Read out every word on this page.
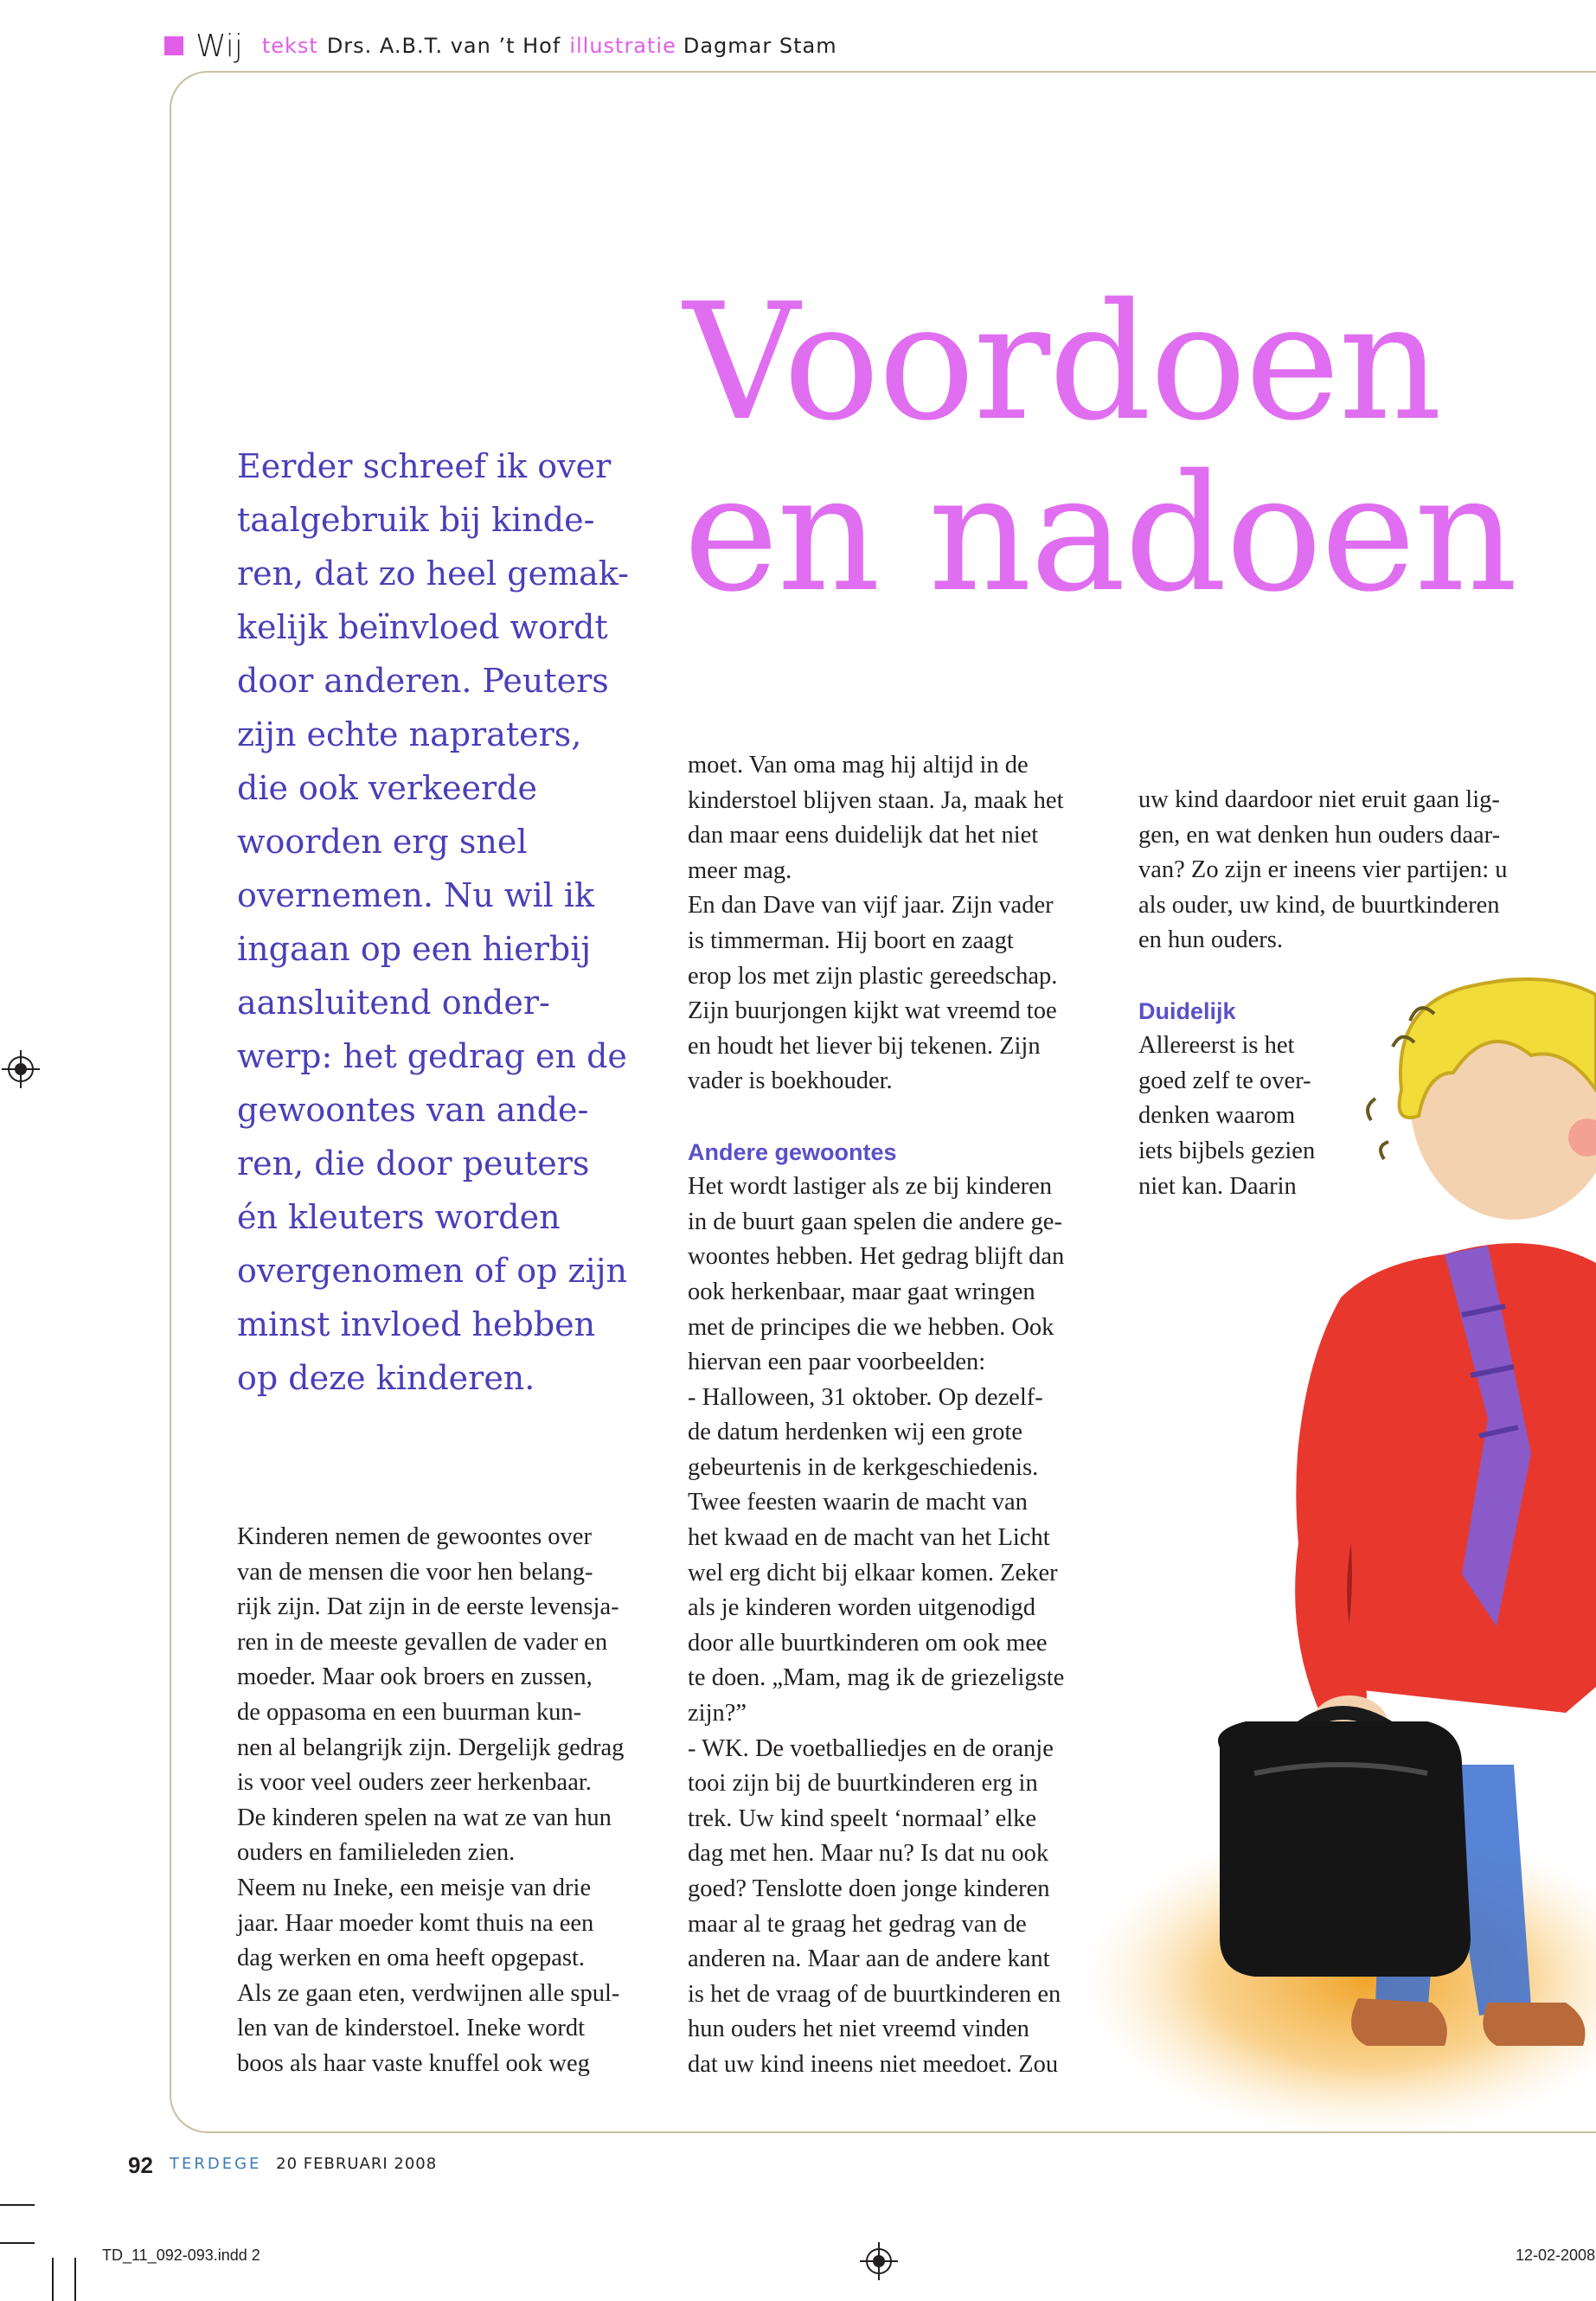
Wij tekst Drs. A.B.T. van ’t Hof illustratie Dagmar Stam
Voordoen
en nadoen
Eerder schreef ik over
taalgebruik bij kinde-
ren, dat zo heel gemak-
kelijk beïnvloed wordt
door anderen. Peuters
zijn echte napraters,
die ook verkeerde
woorden erg snel
overnemen. Nu wil ik
ingaan op een hierbij
aansluitend onder-
werp: het gedrag en de
gewoontes van ande-
ren, die door peuters
én kleuters worden
overgenomen of op zijn
minst invloed hebben
op deze kinderen.
Kinderen nemen de gewoontes over
van de mensen die voor hen belang-
rijk zijn. Dat zijn in de eerste levensja-
ren in de meeste gevallen de vader en
moeder. Maar ook broers en zussen,
de oppasoma en een buurman kun-
nen al belangrijk zijn. Dergelijk gedrag
is voor veel ouders zeer herkenbaar.
De kinderen spelen na wat ze van hun
ouders en familieleden zien.
Neem nu Ineke, een meisje van drie
jaar. Haar moeder komt thuis na een
dag werken en oma heeft opgepast.
Als ze gaan eten, verdwijnen alle spul-
len van de kinderstoel. Ineke wordt
boos als haar vaste knuffel ook weg
moet. Van oma mag hij altijd in de
kinderstoel blijven staan. Ja, maak het
dan maar eens duidelijk dat het niet
meer mag.
En dan Dave van vijf jaar. Zijn vader
is timmerman. Hij boort en zaagt
erop los met zijn plastic gereedschap.
Zijn buurjongen kijkt wat vreemd toe
en houdt het liever bij tekenen. Zijn
vader is boekhouder.
Andere gewoontes
Het wordt lastiger als ze bij kinderen
in de buurt gaan spelen die andere ge-
woontes hebben. Het gedrag blijft dan
ook herkenbaar, maar gaat wringen
met de principes die we hebben. Ook
hiervan een paar voorbeelden:
- Halloween, 31 oktober. Op dezelf-
de datum herdenken wij een grote
gebeurtenis in de kerkgeschiedenis.
Twee feesten waarin de macht van
het kwaad en de macht van het Licht
wel erg dicht bij elkaar komen. Zeker
als je kinderen worden uitgenodigd
door alle buurtkinderen om ook mee
te doen. „Mam, mag ik de griezeligste
zijn?”
- WK. De voetballiedjes en de oranje
tooi zijn bij de buurtkinderen erg in
trek. Uw kind speelt ‘normaal’ elke
dag met hen. Maar nu? Is dat nu ook
goed? Tenslotte doen jonge kinderen
maar al te graag het gedrag van de
anderen na. Maar aan de andere kant
is het de vraag of de buurtkinderen en
hun ouders het niet vreemd vinden
dat uw kind ineens niet meedoet. Zou
uw kind daardoor niet eruit gaan lig-
gen, en wat denken hun ouders daar-
van? Zo zijn er ineens vier partijen: u
als ouder, uw kind, de buurtkinderen
en hun ouders.
Duidelijk
Allereerst is het
goed zelf te over-
denken waarom
iets bijbels gezien
niet kan. Daarin
92 TERDEGE 20 FEBRUARI 2008
TD_11_092-093.indd 2	12-02-2008
